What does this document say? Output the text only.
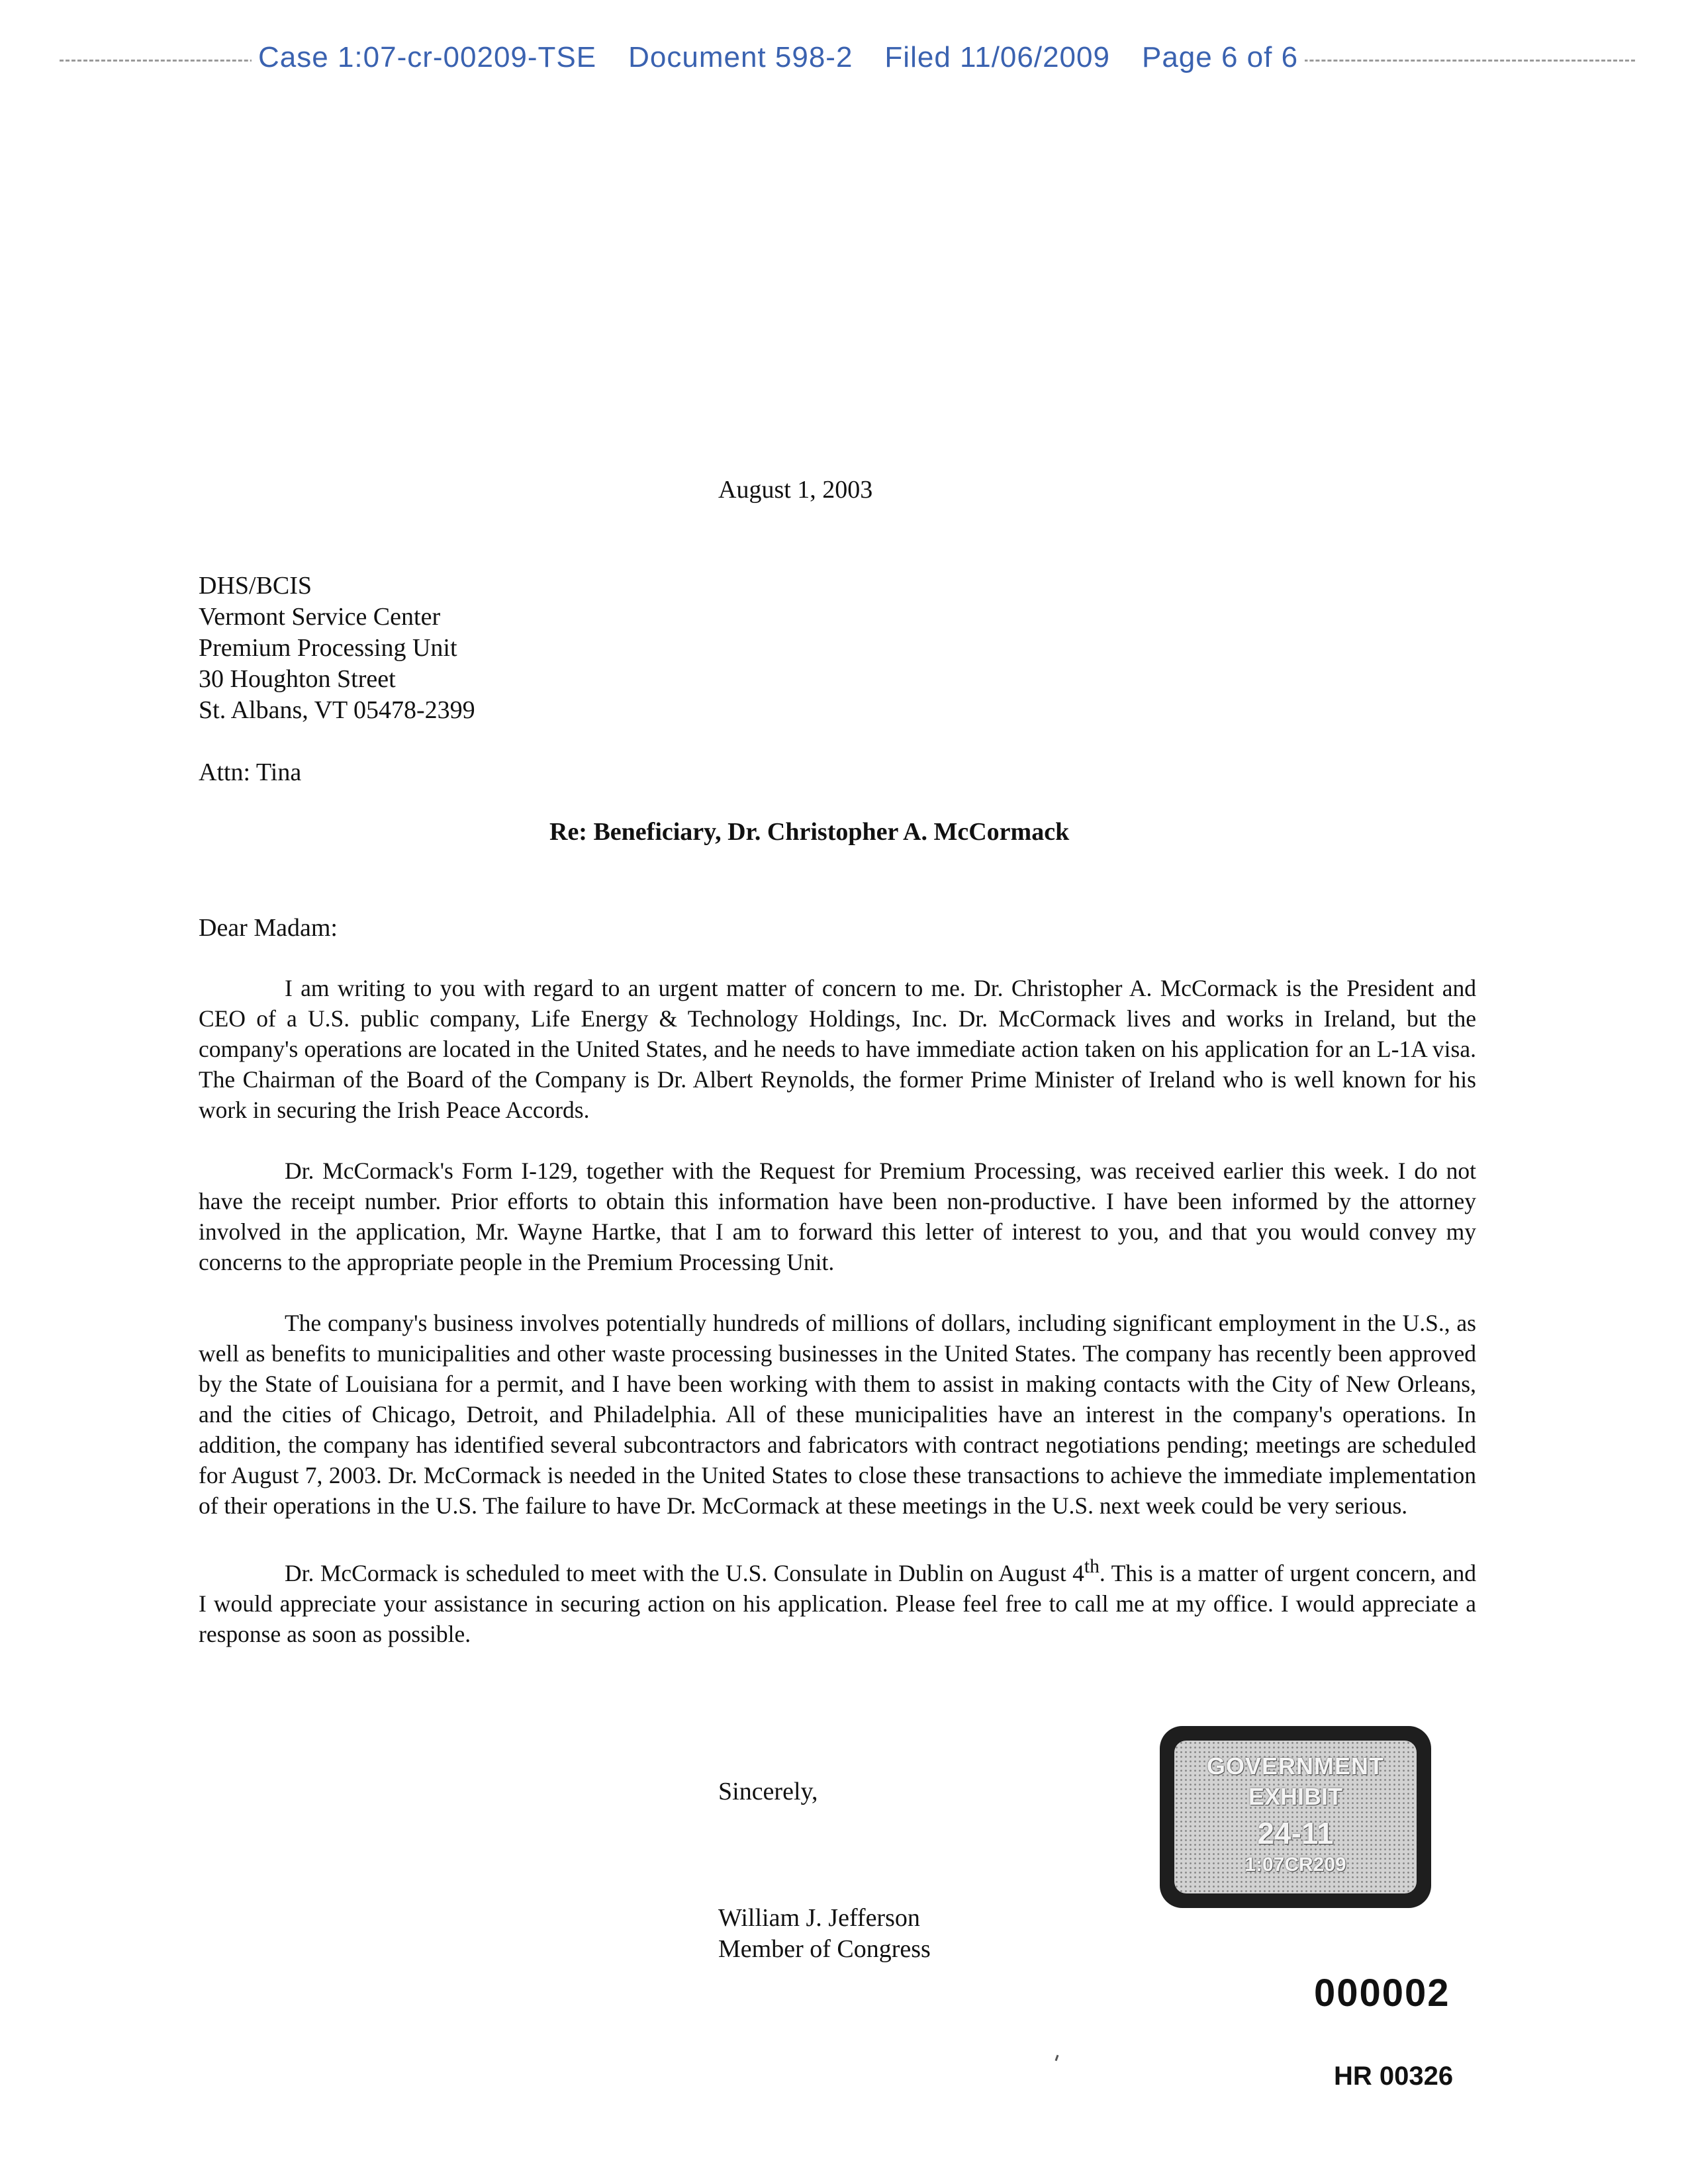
Case 1:07-cr-00209-TSE Document 598-2 Filed 11/06/2009 Page 6 of 6
August 1, 2003
DHS/BCIS
Vermont Service Center
Premium Processing Unit
30 Houghton Street
St. Albans, VT 05478-2399
Attn: Tina
Re: Beneficiary, Dr. Christopher A. McCormack
Dear Madam:

I am writing to you with regard to an urgent matter of concern to me. Dr. Christopher A. McCormack is the President and CEO of a U.S. public company, Life Energy & Technology Holdings, Inc. Dr. McCormack lives and works in Ireland, but the company's operations are located in the United States, and he needs to have immediate action taken on his application for an L-1A visa. The Chairman of the Board of the Company is Dr. Albert Reynolds, the former Prime Minister of Ireland who is well known for his work in securing the Irish Peace Accords.

Dr. McCormack's Form I-129, together with the Request for Premium Processing, was received earlier this week. I do not have the receipt number. Prior efforts to obtain this information have been non-productive. I have been informed by the attorney involved in the application, Mr. Wayne Hartke, that I am to forward this letter of interest to you, and that you would convey my concerns to the appropriate people in the Premium Processing Unit.

The company's business involves potentially hundreds of millions of dollars, including significant employment in the U.S., as well as benefits to municipalities and other waste processing businesses in the United States. The company has recently been approved by the State of Louisiana for a permit, and I have been working with them to assist in making contacts with the City of New Orleans, and the cities of Chicago, Detroit, and Philadelphia. All of these municipalities have an interest in the company's operations. In addition, the company has identified several subcontractors and fabricators with contract negotiations pending; meetings are scheduled for August 7, 2003. Dr. McCormack is needed in the United States to close these transactions to achieve the immediate implementation of their operations in the U.S. The failure to have Dr. McCormack at these meetings in the U.S. next week could be very serious.

Dr. McCormack is scheduled to meet with the U.S. Consulate in Dublin on August 4th. This is a matter of urgent concern, and I would appreciate your assistance in securing action on his application. Please feel free to call me at my office. I would appreciate a response as soon as possible.

Sincerely,
William J. Jefferson
Member of Congress
GOVERNMENT
EXHIBIT
24-11
1:07CR209
000002
HR 00326
